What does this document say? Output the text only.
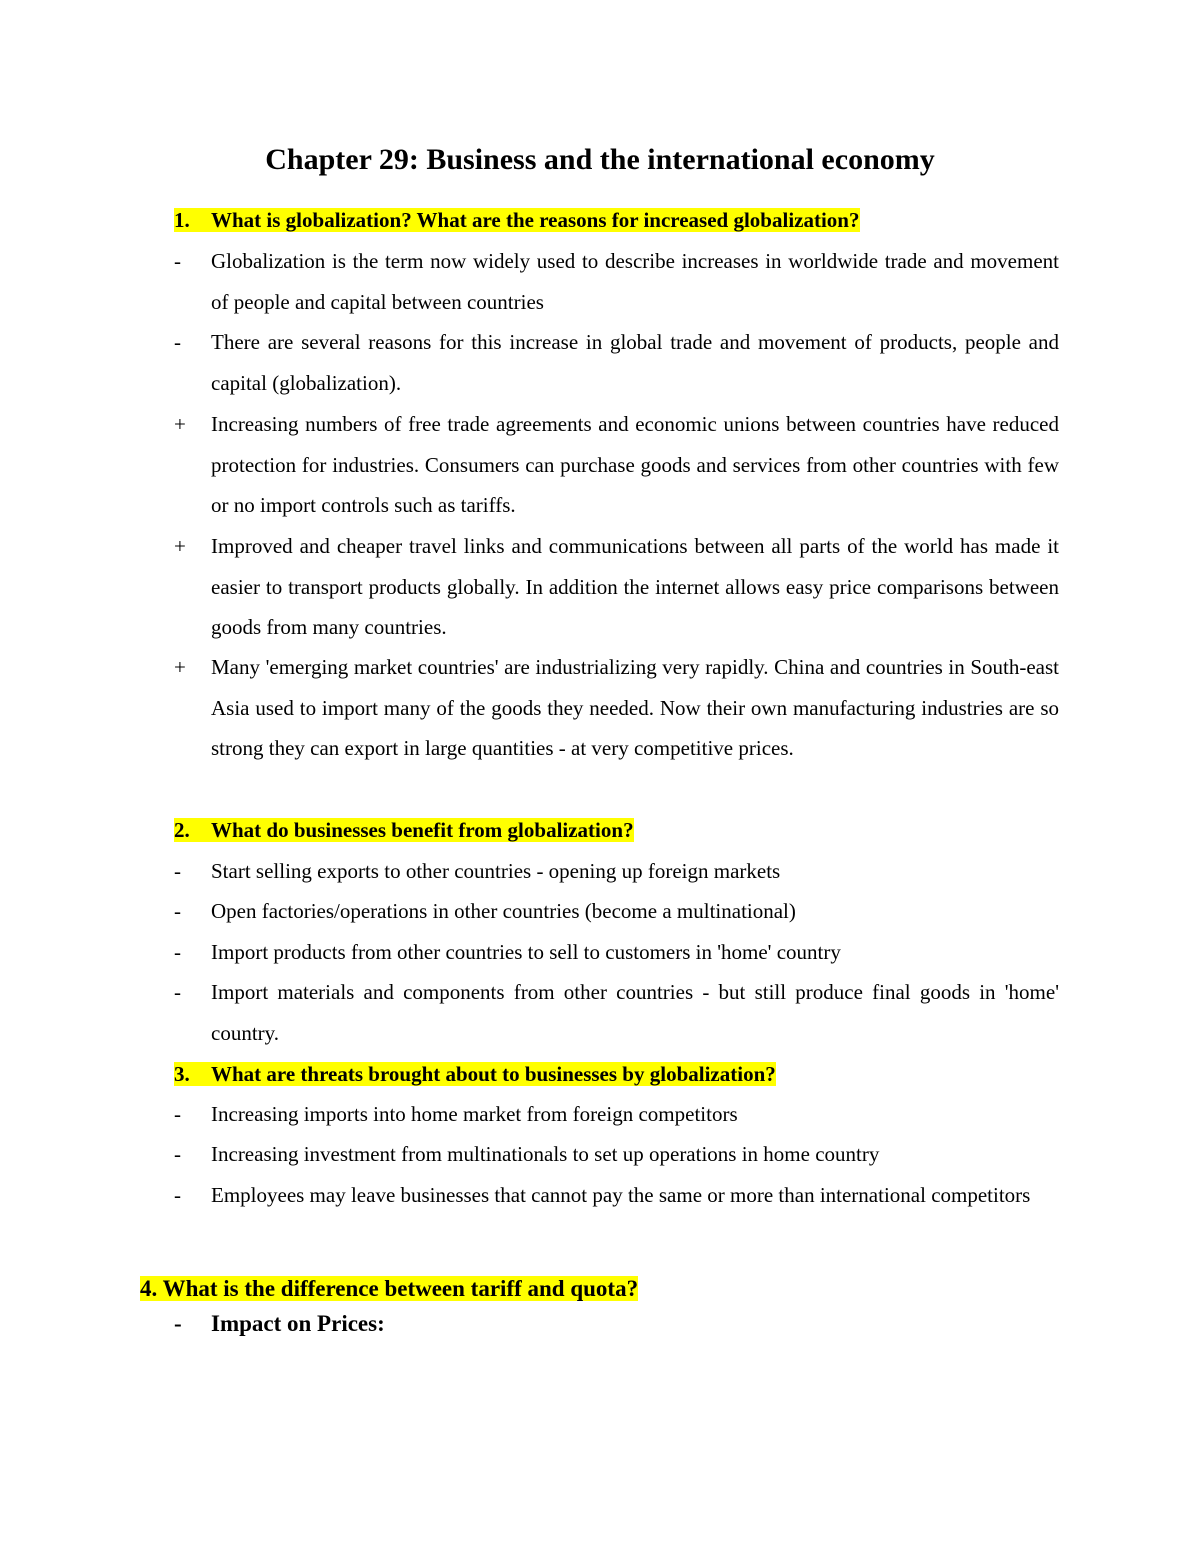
Chapter 29: Business and the international economy
1. What is globalization? What are the reasons for increased globalization?
-	Globalization is the term now widely used to describe increases in worldwide trade and movement of people and capital between countries
-	There are several reasons for this increase in global trade and movement of products, people and capital (globalization).
+	Increasing numbers of free trade agreements and economic unions between countries have reduced protection for industries. Consumers can purchase goods and services from other countries with few or no import controls such as tariffs.
+	Improved and cheaper travel links and communications between all parts of the world has made it easier to transport products globally. In addition the internet allows easy price comparisons between goods from many countries.
+	Many 'emerging market countries' are industrializing very rapidly. China and countries in South-east Asia used to import many of the goods they needed. Now their own manufacturing industries are so strong they can export in large quantities - at very competitive prices.
2. What do businesses benefit from globalization?
-	Start selling exports to other countries - opening up foreign markets
-	Open factories/operations in other countries (become a multinational)
-	Import products from other countries to sell to customers in 'home' country
-	Import materials and components from other countries - but still produce final goods in 'home' country.
3. What are threats brought about to businesses by globalization?
-	Increasing imports into home market from foreign competitors
-	Increasing investment from multinationals to set up operations in home country
-	Employees may leave businesses that cannot pay the same or more than international competitors
4. What is the difference between tariff and quota?
- Impact on Prices:
